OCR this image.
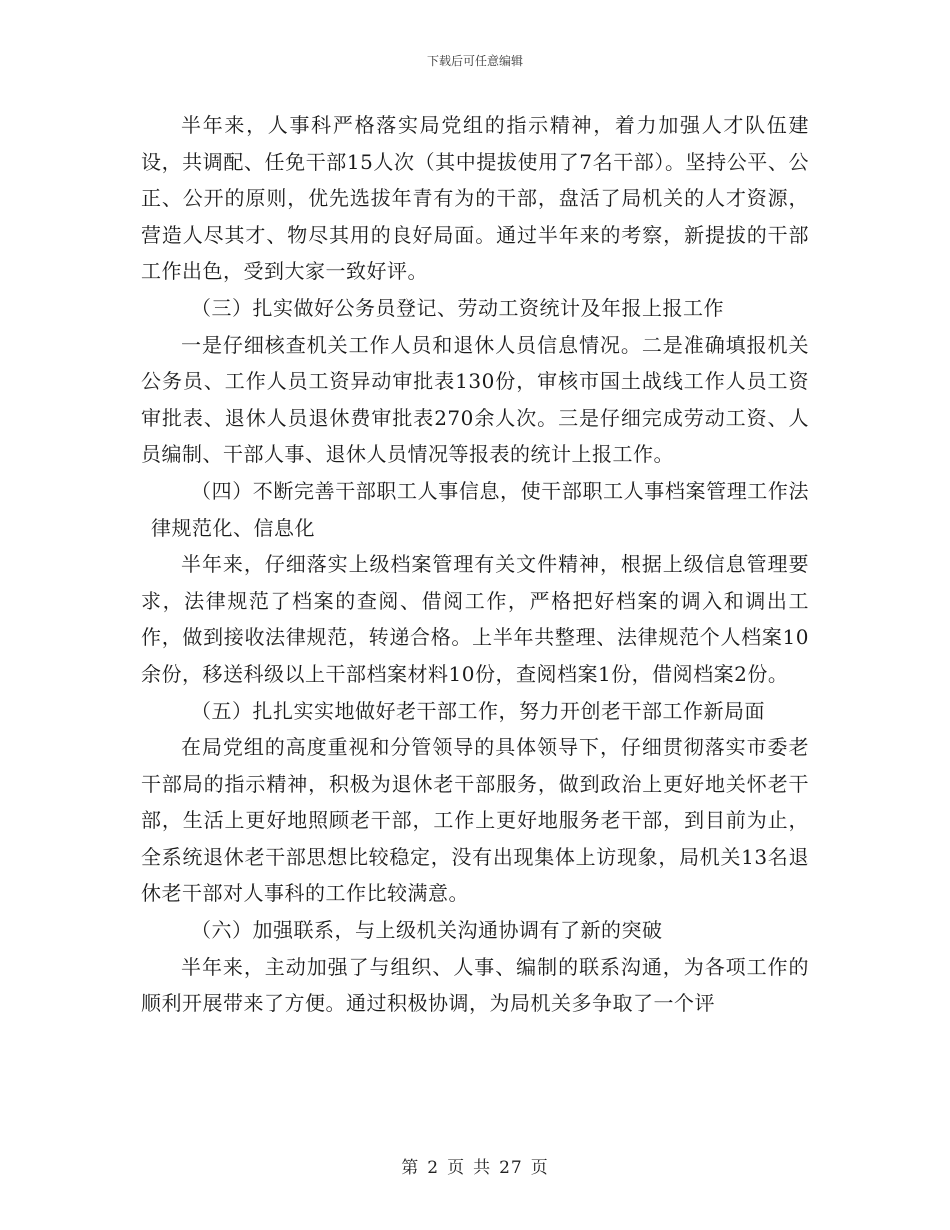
下载后可任意编辑

半年来，人事科严格落实局党组的指示精神，着力加强人才队伍建设，共调配、任免干部15人次（其中提拔使用了7名干部）。坚持公平、公正、公开的原则，优先选拔年青有为的干部，盘活了局机关的人才资源，营造人尽其才、物尽其用的良好局面。通过半年来的考察，新提拔的干部工作出色，受到大家一致好评。

（三）扎实做好公务员登记、劳动工资统计及年报上报工作

一是仔细核查机关工作人员和退休人员信息情况。二是准确填报机关公务员、工作人员工资异动审批表130份，审核市国土战线工作人员工资审批表、退休人员退休费审批表270余人次。三是仔细完成劳动工资、人员编制、干部人事、退休人员情况等报表的统计上报工作。

（四）不断完善干部职工人事信息，使干部职工人事档案管理工作法律规范化、信息化

半年来，仔细落实上级档案管理有关文件精神，根据上级信息管理要求，法律规范了档案的查阅、借阅工作，严格把好档案的调入和调出工作，做到接收法律规范，转递合格。上半年共整理、法律规范个人档案10余份，移送科级以上干部档案材料10份，查阅档案1份，借阅档案2份。

（五）扎扎实实地做好老干部工作，努力开创老干部工作新局面

在局党组的高度重视和分管领导的具体领导下，仔细贯彻落实市委老干部局的指示精神，积极为退休老干部服务，做到政治上更好地关怀老干部，生活上更好地照顾老干部，工作上更好地服务老干部，到目前为止，全系统退休老干部思想比较稳定，没有出现集体上访现象，局机关13名退休老干部对人事科的工作比较满意。

（六）加强联系，与上级机关沟通协调有了新的突破

半年来，主动加强了与组织、人事、编制的联系沟通，为各项工作的顺利开展带来了方便。通过积极协调，为局机关多争取了一个评

第 2 页 共 27 页
